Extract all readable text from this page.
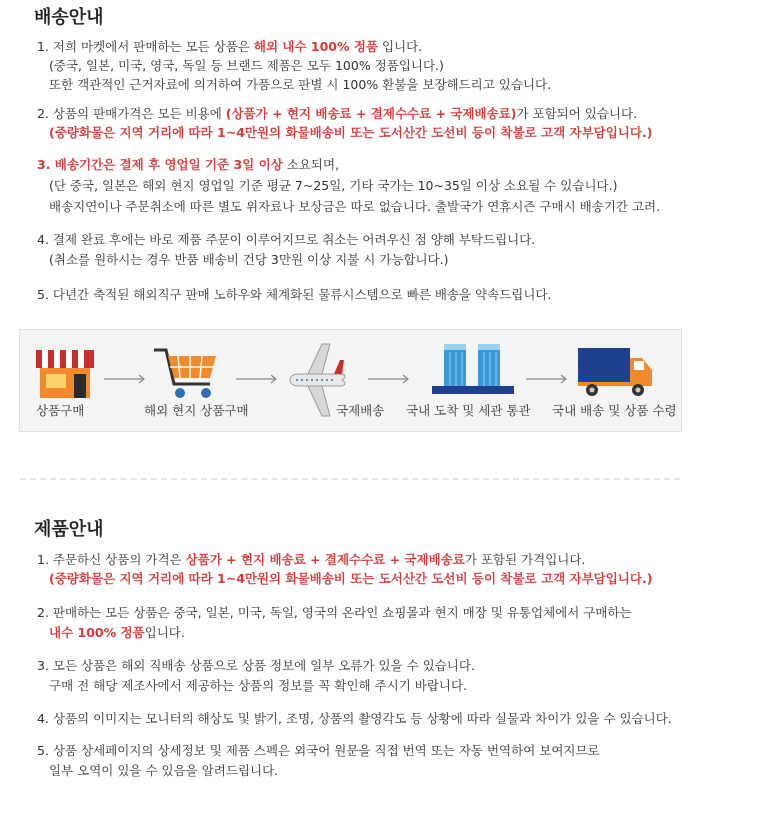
배송안내

1. 저희 마켓에서 판매하는 모든 상품은 해외 내수 100% 정품 입니다.

(중국, 일본, 미국, 영국, 독일 등 브랜드 제품은 모두 100% 정품입니다.)

또한 객관적인 근거자료에 의거하여 가품으로 판별 시 100% 환불을 보장해드리고 있습니다.

2. 상품의 판매가격은 모든 비용에 (상품가 + 현지 배송료 + 결제수수료 + 국제배송료)가 포함되어 있습니다.

(중량화물은 지역 거리에 따라 1~4만원의 화물배송비 또는 도서산간 도선비 등이 착불로 고객 자부담입니다.)

3. 배송기간은 결제 후 영업일 기준 3일 이상 소요되며,

(단 중국, 일본은 해외 현지 영업일 기준 평균 7~25일, 기타 국가는 10~35일 이상 소요될 수 있습니다.)

배송지연이나 주문취소에 따른 별도 위자료나 보상금은 따로 없습니다. 출발국가 연휴시즌 구매시 배송기간 고려.

4. 결제 완료 후에는 바로 제품 주문이 이루어지므로 취소는 어려우신 점 양해 부탁드립니다.

(취소를 원하시는 경우 반품 배송비 건당 3만원 이상 지불 시 가능합니다.)

5. 다년간 축적된 해외직구 판매 노하우와 체계화된 물류시스템으로 빠른 배송을 약속드립니다.

상품구매	해외 현지 상품구매	국제배송 국내 도착 및 세관 통관 국내 배송 및 상품 수령
제품안내

1. 주문하신 상품의 가격은 상품가 + 현지 배송료 + 결제수수료 + 국제배송료가 포함된 가격입니다.

(중량화물은 지역 거리에 따라 1~4만원의 화물배송비 또는 도서산간 도선비 등이 착불로 고객 자부담입니다.)

2. 판매하는 모든 상품은 중국, 일본, 미국, 독일, 영국의 온라인 쇼핑몰과 현지 매장 및 유통업체에서 구매하는

내수 100% 정품입니다.

3. 모든 상품은 해외 직배송 상품으로 상품 정보에 일부 오류가 있을 수 있습니다.

구매 전 해당 제조사에서 제공하는 상품의 정보를 꼭 확인해 주시기 바랍니다.

4. 상품의 이미지는 모니터의 해상도 및 밝기, 조명, 상품의 촬영각도 등 상황에 따라 실물과 차이가 있을 수 있습니다.

5. 상품 상세페이지의 상세정보 및 제품 스펙은 외국어 원문을 직접 번역 또는 자동 번역하여 보여지므로

일부 오역이 있을 수 있음을 알려드립니다.
